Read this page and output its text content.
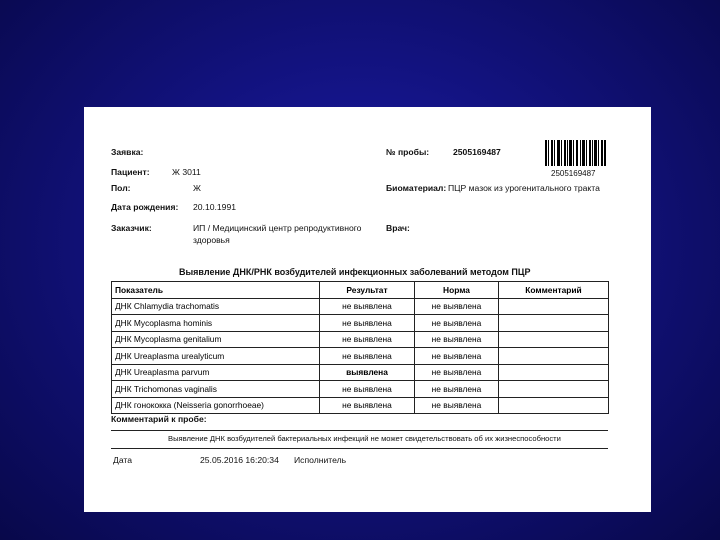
Заявка:	№ пробы:	2505169487
2505169487
Пациент:	Ж 3011
Пол:	Ж	Биоматериал: ПЦР мазок из урогенитального тракта
Дата рождения: 20.10.1991
Заказчик:	ИП / Медицинский центр репродуктивного
здоровья
Врач:
Выявление ДНК/РНК возбудителей инфекционных заболеваний методом ПЦР
Показатель	Результат	Норма	Комментарий
ДНК Chlamydia trachomatis	не выявлена	не выявлена	
ДНК Mycoplasma hominis	не выявлена	не выявлена	
ДНК Mycoplasma genitalium	не выявлена	не выявлена	
ДНК Ureaplasma urealyticum	не выявлена	не выявлена	
ДНК Ureaplasma parvum	выявлена	не выявлена	
ДНК Trichomonas vaginalis	не выявлена	не выявлена	
ДНК гонококка (Neisseria gonorrhoeae)	не выявлена	не выявлена	
Комментарий к пробе:
Выявление ДНК возбудителей бактериальных инфекций не может свидетельствовать об их жизнеспособности
Дата	25.05.2016 16:20:34 Исполнитель
